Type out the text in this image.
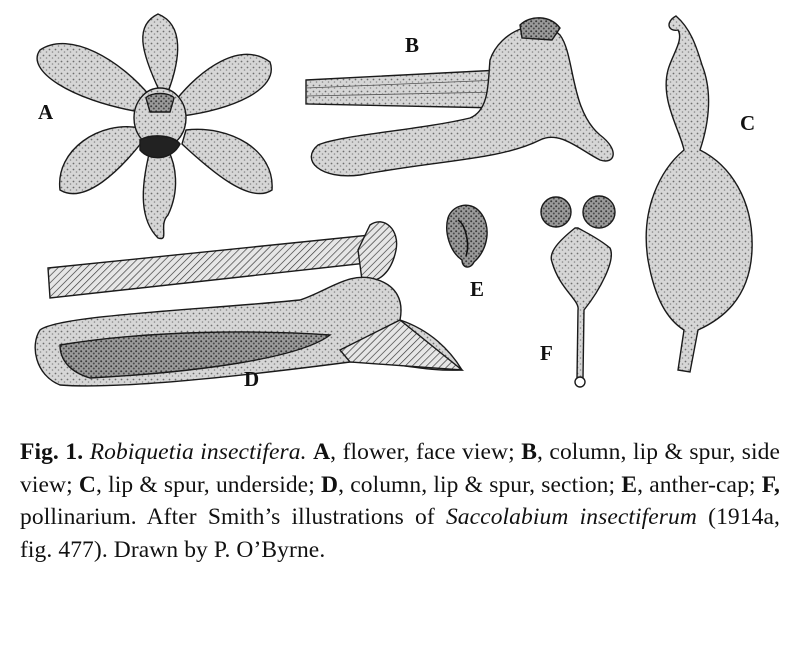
A
B
C
E
F
D
Fig. 1. Robiquetia insectifera. A, flower, face view; B, column, lip & spur, side view; C, lip & spur, underside; D, column, lip & spur, section; E, anther-cap; F, pollinarium. After Smith’s illustrations of Saccolabium insectiferum (1914a, fig. 477). Drawn by P. O’Byrne.
